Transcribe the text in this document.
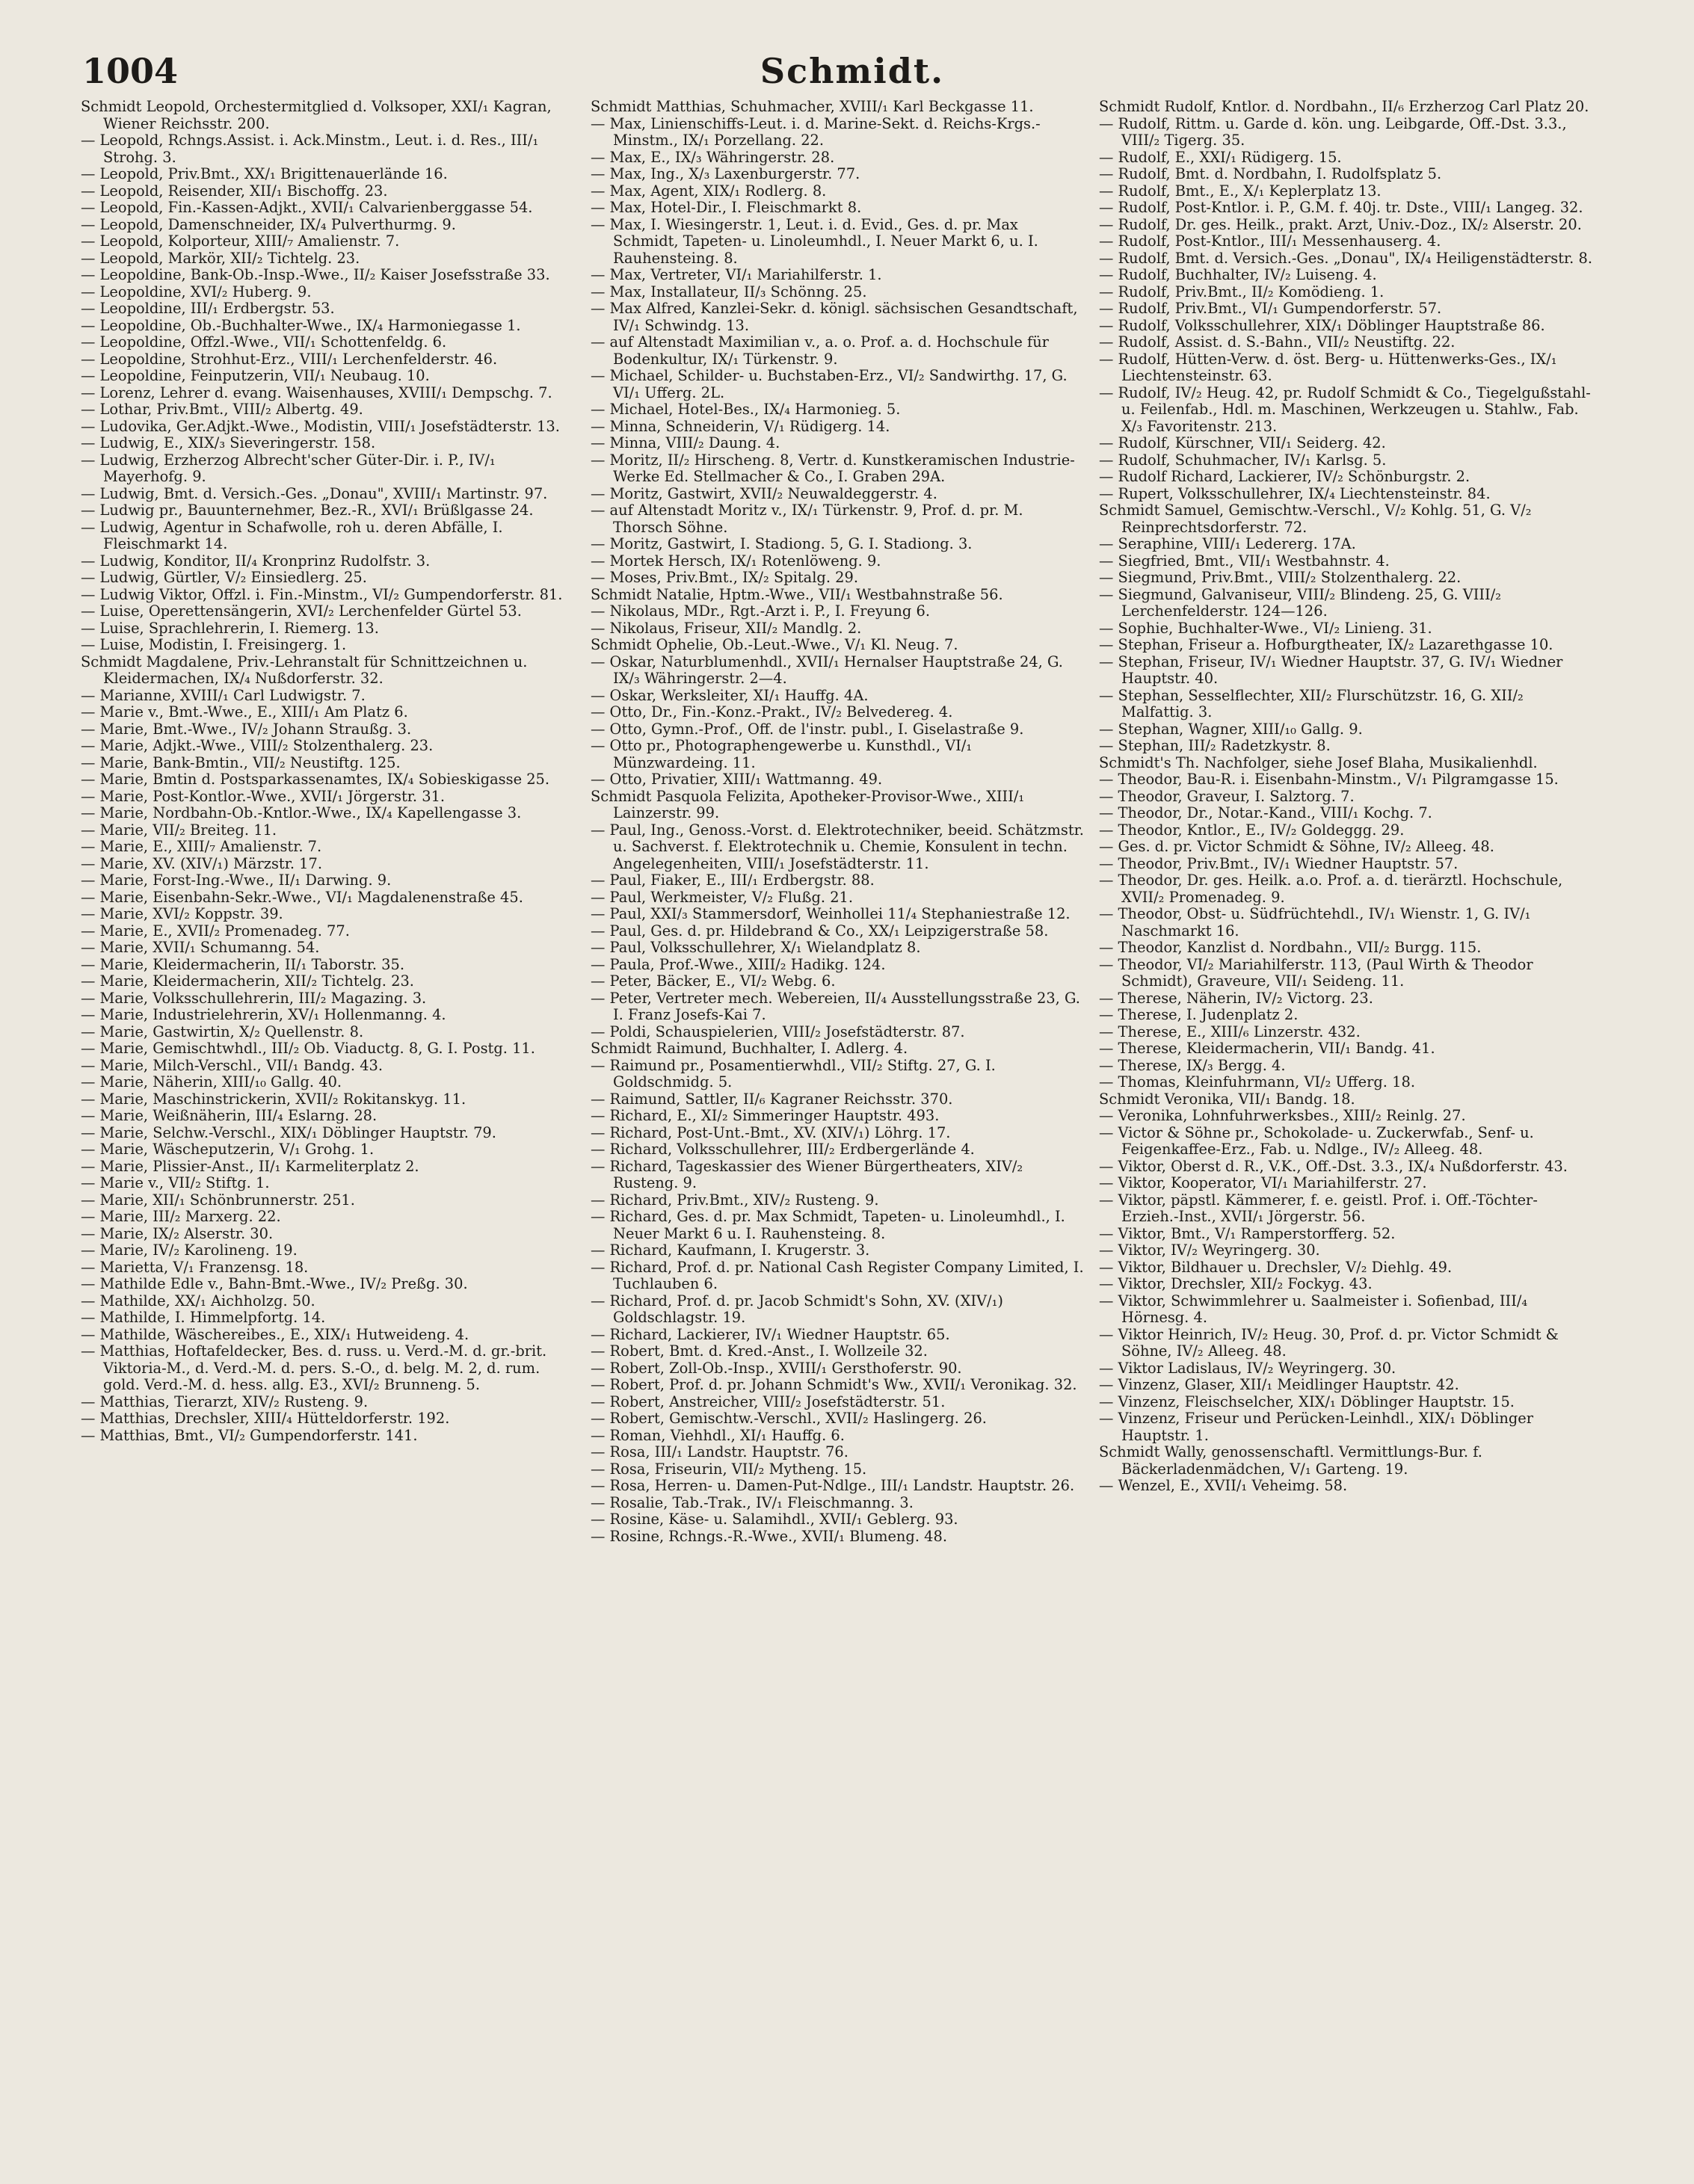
1004	Schmidt.
Schmidt Leopold, Orchestermitglied d. Volksoper, XXI/₁ Kagran, Wiener Reichsstr. 200.
— Leopold, Rchngs.Assist. i. Ack.Minstm., Leut. i. d. Res., III/₁ Strohg. 3.
— Leopold, Priv.Bmt., XX/₁ Brigittenauerlände 16.
— Leopold, Reisender, XII/₁ Bischoffg. 23.
— Leopold, Fin.-Kassen-Adjkt., XVII/₁ Calvarienberggasse 54.
— Leopold, Damenschneider, IX/₄ Pulverthurmg. 9.
— Leopold, Kolporteur, XIII/₇ Amalienstr. 7.
— Leopold, Markör, XII/₂ Tichtelg. 23.
— Leopoldine, Bank-Ob.-Insp.-Wwe., II/₂ Kaiser Josefsstraße 33.
— Leopoldine, XVI/₂ Huberg. 9.
— Leopoldine, III/₁ Erdbergstr. 53.
— Leopoldine, Ob.-Buchhalter-Wwe., IX/₄ Harmoniegasse 1.
— Leopoldine, Offzl.-Wwe., VII/₁ Schottenfeldg. 6.
— Leopoldine, Strohhut-Erz., VIII/₁ Lerchenfelderstr. 46.
— Leopoldine, Feinputzerin, VII/₁ Neubaug. 10.
— Lorenz, Lehrer d. evang. Waisenhauses, XVIII/₁ Dempschg. 7.
— Lothar, Priv.Bmt., VIII/₂ Albertg. 49.
— Ludovika, Ger.Adjkt.-Wwe., Modistin, VIII/₁ Josefstädterstr. 13.
— Ludwig, E., XIX/₃ Sieveringerstr. 158.
— Ludwig, Erzherzog Albrecht'scher Güter-Dir. i. P., IV/₁ Mayerhofg. 9.
— Ludwig, Bmt. d. Versich.-Ges. „Donau", XVIII/₁ Martinstr. 97.
— Ludwig pr., Bauunternehmer, Bez.-R., XVI/₁ Brüßlgasse 24.
— Ludwig, Agentur in Schafwolle, roh u. deren Abfälle, I. Fleischmarkt 14.
— Ludwig, Konditor, II/₄ Kronprinz Rudolfstr. 3.
— Ludwig, Gürtler, V/₂ Einsiedlerg. 25.
— Ludwig Viktor, Offzl. i. Fin.-Minstm., VI/₂ Gumpendorferstr. 81.
— Luise, Operettensängerin, XVI/₂ Lerchenfelder Gürtel 53.
— Luise, Sprachlehrerin, I. Riemerg. 13.
— Luise, Modistin, I. Freisingerg. 1.
Schmidt Magdalene, Priv.-Lehranstalt für Schnittzeichnen u. Kleidermachen, IX/₄ Nußdorferstr. 32.
— Marianne, XVIII/₁ Carl Ludwigstr. 7.
— Marie v., Bmt.-Wwe., E., XIII/₁ Am Platz 6.
— Marie, Bmt.-Wwe., IV/₂ Johann Straußg. 3.
— Marie, Adjkt.-Wwe., VIII/₂ Stolzenthalerg. 23.
— Marie, Bank-Bmtin., VII/₂ Neustiftg. 125.
— Marie, Bmtin d. Postsparkassenamtes, IX/₄ Sobieskigasse 25.
— Marie, Post-Kontlor.-Wwe., XVII/₁ Jörgerstr. 31.
— Marie, Nordbahn-Ob.-Kntlor.-Wwe., IX/₄ Kapellengasse 3.
— Marie, VII/₂ Breiteg. 11.
— Marie, E., XIII/₇ Amalienstr. 7.
— Marie, XV. (XIV/₁) Märzstr. 17.
— Marie, Forst-Ing.-Wwe., II/₁ Darwing. 9.
— Marie, Eisenbahn-Sekr.-Wwe., VI/₁ Magdalenenstraße 45.
— Marie, XVI/₂ Koppstr. 39.
— Marie, E., XVII/₂ Promenadeg. 77.
— Marie, XVII/₁ Schumanng. 54.
— Marie, Kleidermacherin, II/₁ Taborstr. 35.
— Marie, Kleidermacherin, XII/₂ Tichtelg. 23.
— Marie, Volksschullehrerin, III/₂ Magazing. 3.
— Marie, Industrielehrerin, XV/₁ Hollenmanng. 4.
— Marie, Gastwirtin, X/₂ Quellenstr. 8.
— Marie, Gemischtwhdl., III/₂ Ob. Viaductg. 8, G. I. Postg. 11.
— Marie, Milch-Verschl., VII/₁ Bandg. 43.
— Marie, Näherin, XIII/₁₀ Gallg. 40.
— Marie, Maschinstrickerin, XVII/₂ Rokitanskyg. 11.
— Marie, Weißnäherin, III/₄ Eslarng. 28.
— Marie, Selchw.-Verschl., XIX/₁ Döblinger Hauptstr. 79.
— Marie, Wäscheputzerin, V/₁ Grohg. 1.
— Marie, Plissier-Anst., II/₁ Karmeliterplatz 2.
— Marie v., VII/₂ Stiftg. 1.
— Marie, XII/₁ Schönbrunnerstr. 251.
— Marie, III/₂ Marxerg. 22.
— Marie, IX/₂ Alserstr. 30.
— Marie, IV/₂ Karolineng. 19.
— Marietta, V/₁ Franzensg. 18.
— Mathilde Edle v., Bahn-Bmt.-Wwe., IV/₂ Preßg. 30.
— Mathilde, XX/₁ Aichholzg. 50.
— Mathilde, I. Himmelpfortg. 14.
— Mathilde, Wäschereibes., E., XIX/₁ Hutweideng. 4.
— Matthias, Hoftafeldecker, Bes. d. russ. u. Verd.-M. d. gr.-brit. Viktoria-M., d. Verd.-M. d. pers. S.-O., d. belg. M. 2, d. rum. gold. Verd.-M. d. hess. allg. E3., XVI/₂ Brunneng. 5.
— Matthias, Tierarzt, XIV/₂ Rusteng. 9.
— Matthias, Drechsler, XIII/₄ Hütteldorferstr. 192.
— Matthias, Bmt., VI/₂ Gumpendorferstr. 141.
Schmidt Matthias, Schuhmacher, XVIII/₁ Karl Beckgasse 11.
— Max, Linienschiffs-Leut. i. d. Marine-Sekt. d. Reichs-Krgs.-Minstm., IX/₁ Porzellang. 22.
— Max, E., IX/₃ Währingerstr. 28.
— Max, Ing., X/₃ Laxenburgerstr. 77.
— Max, Agent, XIX/₁ Rodlerg. 8.
— Max, Hotel-Dir., I. Fleischmarkt 8.
— Max, I. Wiesingerstr. 1, Leut. i. d. Evid., Ges. d. pr. Max Schmidt, Tapeten- u. Linoleumhdl., I. Neuer Markt 6, u. I. Rauhensteing. 8.
— Max, Vertreter, VI/₁ Mariahilferstr. 1.
— Max, Installateur, II/₃ Schönng. 25.
— Max Alfred, Kanzlei-Sekr. d. königl. sächsischen Gesandtschaft, IV/₁ Schwindg. 13.
— auf Altenstadt Maximilian v., a. o. Prof. a. d. Hochschule für Bodenkultur, IX/₁ Türkenstr. 9.
— Michael, Schilder- u. Buchstaben-Erz., VI/₂ Sandwirthg. 17, G. VI/₁ Ufferg. 2L.
— Michael, Hotel-Bes., IX/₄ Harmonieg. 5.
— Minna, Schneiderin, V/₁ Rüdigerg. 14.
— Minna, VIII/₂ Daung. 4.
— Moritz, II/₂ Hirscheng. 8, Vertr. d. Kunstkeramischen Industrie-Werke Ed. Stellmacher & Co., I. Graben 29A.
— Moritz, Gastwirt, XVII/₂ Neuwaldeggerstr. 4.
— auf Altenstadt Moritz v., IX/₁ Türkenstr. 9, Prof. d. pr. M. Thorsch Söhne.
— Moritz, Gastwirt, I. Stadiong. 5, G. I. Stadiong. 3.
— Mortek Hersch, IX/₁ Rotenlöweng. 9.
— Moses, Priv.Bmt., IX/₂ Spitalg. 29.
Schmidt Natalie, Hptm.-Wwe., VII/₁ Westbahnstraße 56.
— Nikolaus, MDr., Rgt.-Arzt i. P., I. Freyung 6.
— Nikolaus, Friseur, XII/₂ Mandlg. 2.
Schmidt Ophelie, Ob.-Leut.-Wwe., V/₁ Kl. Neug. 7.
— Oskar, Naturblumenhdl., XVII/₁ Hernalser Hauptstraße 24, G. IX/₃ Währingerstr. 2—4.
— Oskar, Werksleiter, XI/₁ Hauffg. 4A.
— Otto, Dr., Fin.-Konz.-Prakt., IV/₂ Belvedereg. 4.
— Otto, Gymn.-Prof., Off. de l'instr. publ., I. Giselastraße 9.
— Otto pr., Photographengewerbe u. Kunsthdl., VI/₁ Münzwardeing. 11.
— Otto, Privatier, XIII/₁ Wattmanng. 49.
Schmidt Pasquola Felizita, Apotheker-Provisor-Wwe., XIII/₁ Lainzerstr. 99.
— Paul, Ing., Genoss.-Vorst. d. Elektrotechniker, beeid. Schätzmstr. u. Sachverst. f. Elektrotechnik u. Chemie, Konsulent in techn. Angelegenheiten, VIII/₁ Josefstädterstr. 11.
— Paul, Fiaker, E., III/₁ Erdbergstr. 88.
— Paul, Werkmeister, V/₂ Flußg. 21.
— Paul, XXI/₃ Stammersdorf, Weinhollei 11/₄ Stephaniestraße 12.
— Paul, Ges. d. pr. Hildebrand & Co., XX/₁ Leipzigerstraße 58.
— Paul, Volksschullehrer, X/₁ Wielandplatz 8.
— Paula, Prof.-Wwe., XIII/₂ Hadikg. 124.
— Peter, Bäcker, E., VI/₂ Webg. 6.
— Peter, Vertreter mech. Webereien, II/₄ Ausstellungsstraße 23, G. I. Franz Josefs-Kai 7.
— Poldi, Schauspielerien, VIII/₂ Josefstädterstr. 87.
Schmidt Raimund, Buchhalter, I. Adlerg. 4.
— Raimund pr., Posamentierwhdl., VII/₂ Stiftg. 27, G. I. Goldschmidg. 5.
— Raimund, Sattler, II/₆ Kagraner Reichsstr. 370.
— Richard, E., XI/₂ Simmeringer Hauptstr. 493.
— Richard, Post-Unt.-Bmt., XV. (XIV/₁) Löhrg. 17.
— Richard, Volksschullehrer, III/₂ Erdbergerlände 4.
— Richard, Tageskassier des Wiener Bürgertheaters, XIV/₂ Rusteng. 9.
— Richard, Priv.Bmt., XIV/₂ Rusteng. 9.
— Richard, Ges. d. pr. Max Schmidt, Tapeten- u. Linoleumhdl., I. Neuer Markt 6 u. I. Rauhensteing. 8.
— Richard, Kaufmann, I. Krugerstr. 3.
— Richard, Prof. d. pr. National Cash Register Company Limited, I. Tuchlauben 6.
— Richard, Prof. d. pr. Jacob Schmidt's Sohn, XV. (XIV/₁) Goldschlagstr. 19.
— Richard, Lackierer, IV/₁ Wiedner Hauptstr. 65.
— Robert, Bmt. d. Kred.-Anst., I. Wollzeile 32.
— Robert, Zoll-Ob.-Insp., XVIII/₁ Gersthoferstr. 90.
— Robert, Prof. d. pr. Johann Schmidt's Ww., XVII/₁ Veronikag. 32.
— Robert, Anstreicher, VIII/₂ Josefstädterstr. 51.
— Robert, Gemischtw.-Verschl., XVII/₂ Haslingerg. 26.
— Roman, Viehhdl., XI/₁ Hauffg. 6.
— Rosa, III/₁ Landstr. Hauptstr. 76.
— Rosa, Friseurin, VII/₂ Mytheng. 15.
— Rosa, Herren- u. Damen-Put-Ndlge., III/₁ Landstr. Hauptstr. 26.
— Rosalie, Tab.-Trak., IV/₁ Fleischmanng. 3.
— Rosine, Käse- u. Salamihdl., XVII/₁ Geblerg. 93.
— Rosine, Rchngs.-R.-Wwe., XVII/₁ Blumeng. 48.
Schmidt Rudolf, Kntlor. d. Nordbahn., II/₆ Erzherzog Carl Platz 20.
— Rudolf, Rittm. u. Garde d. kön. ung. Leibgarde, Off.-Dst. 3.3., VIII/₂ Tigerg. 35.
— Rudolf, E., XXI/₁ Rüdigerg. 15.
— Rudolf, Bmt. d. Nordbahn, I. Rudolfsplatz 5.
— Rudolf, Bmt., E., X/₁ Keplerplatz 13.
— Rudolf, Post-Kntlor. i. P., G.M. f. 40j. tr. Dste., VIII/₁ Langeg. 32.
— Rudolf, Dr. ges. Heilk., prakt. Arzt, Univ.-Doz., IX/₂ Alserstr. 20.
— Rudolf, Post-Kntlor., III/₁ Messenhauserg. 4.
— Rudolf, Bmt. d. Versich.-Ges. „Donau", IX/₄ Heiligenstädterstr. 8.
— Rudolf, Buchhalter, IV/₂ Luiseng. 4.
— Rudolf, Priv.Bmt., II/₂ Komödieng. 1.
— Rudolf, Priv.Bmt., VI/₁ Gumpendorferstr. 57.
— Rudolf, Volksschullehrer, XIX/₁ Döblinger Hauptstraße 86.
— Rudolf, Assist. d. S.-Bahn., VII/₂ Neustiftg. 22.
— Rudolf, Hütten-Verw. d. öst. Berg- u. Hüttenwerks-Ges., IX/₁ Liechtensteinstr. 63.
— Rudolf, IV/₂ Heug. 42, pr. Rudolf Schmidt & Co., Tiegelgußstahl- u. Feilenfab., Hdl. m. Maschinen, Werkzeugen u. Stahlw., Fab. X/₃ Favoritenstr. 213.
— Rudolf, Kürschner, VII/₁ Seiderg. 42.
— Rudolf, Schuhmacher, IV/₁ Karlsg. 5.
— Rudolf Richard, Lackierer, IV/₂ Schönburgstr. 2.
— Rupert, Volksschullehrer, IX/₄ Liechtensteinstr. 84.
Schmidt Samuel, Gemischtw.-Verschl., V/₂ Kohlg. 51, G. V/₂ Reinprechtsdorferstr. 72.
— Seraphine, VIII/₁ Ledererg. 17A.
— Siegfried, Bmt., VII/₁ Westbahnstr. 4.
— Siegmund, Priv.Bmt., VIII/₂ Stolzenthalerg. 22.
— Siegmund, Galvaniseur, VIII/₂ Blindeng. 25, G. VIII/₂ Lerchenfelderstr. 124—126.
— Sophie, Buchhalter-Wwe., VI/₂ Linieng. 31.
— Stephan, Friseur a. Hofburgtheater, IX/₂ Lazarethgasse 10.
— Stephan, Friseur, IV/₁ Wiedner Hauptstr. 37, G. IV/₁ Wiedner Hauptstr. 40.
— Stephan, Sesselflechter, XII/₂ Flurschützstr. 16, G. XII/₂ Malfattig. 3.
— Stephan, Wagner, XIII/₁₀ Gallg. 9.
— Stephan, III/₂ Radetzkystr. 8.
Schmidt's Th. Nachfolger, siehe Josef Blaha, Musikalienhdl.
— Theodor, Bau-R. i. Eisenbahn-Minstm., V/₁ Pilgramgasse 15.
— Theodor, Graveur, I. Salztorg. 7.
— Theodor, Dr., Notar.-Kand., VIII/₁ Kochg. 7.
— Theodor, Kntlor., E., IV/₂ Goldeggg. 29.
— Ges. d. pr. Victor Schmidt & Söhne, IV/₂ Alleeg. 48.
— Theodor, Priv.Bmt., IV/₁ Wiedner Hauptstr. 57.
— Theodor, Dr. ges. Heilk. a.o. Prof. a. d. tierärztl. Hochschule, XVII/₂ Promenadeg. 9.
— Theodor, Obst- u. Südfrüchtehdl., IV/₁ Wienstr. 1, G. IV/₁ Naschmarkt 16.
— Theodor, Kanzlist d. Nordbahn., VII/₂ Burgg. 115.
— Theodor, VI/₂ Mariahilferstr. 113, (Paul Wirth & Theodor Schmidt), Graveure, VII/₁ Seideng. 11.
— Therese, Näherin, IV/₂ Victorg. 23.
— Therese, I. Judenplatz 2.
— Therese, E., XIII/₆ Linzerstr. 432.
— Therese, Kleidermacherin, VII/₁ Bandg. 41.
— Therese, IX/₃ Bergg. 4.
— Thomas, Kleinfuhrmann, VI/₂ Ufferg. 18.
Schmidt Veronika, VII/₁ Bandg. 18.
— Veronika, Lohnfuhrwerksbes., XIII/₂ Reinlg. 27.
— Victor & Söhne pr., Schokolade- u. Zuckerwfab., Senf- u. Feigenkaffee-Erz., Fab. u. Ndlge., IV/₂ Alleeg. 48.
— Viktor, Oberst d. R., V.K., Off.-Dst. 3.3., IX/₄ Nußdorferstr. 43.
— Viktor, Kooperator, VI/₁ Mariahilferstr. 27.
— Viktor, päpstl. Kämmerer, f. e. geistl. Prof. i. Off.-Töchter-Erzieh.-Inst., XVII/₁ Jörgerstr. 56.
— Viktor, Bmt., V/₁ Ramperstorfferg. 52.
— Viktor, IV/₂ Weyringerg. 30.
— Viktor, Bildhauer u. Drechsler, V/₂ Diehlg. 49.
— Viktor, Drechsler, XII/₂ Fockyg. 43.
— Viktor, Schwimmlehrer u. Saalmeister i. Sofienbad, III/₄ Hörnesg. 4.
— Viktor Heinrich, IV/₂ Heug. 30, Prof. d. pr. Victor Schmidt & Söhne, IV/₂ Alleeg. 48.
— Viktor Ladislaus, IV/₂ Weyringerg. 30.
— Vinzenz, Glaser, XII/₁ Meidlinger Hauptstr. 42.
— Vinzenz, Fleischselcher, XIX/₁ Döblinger Hauptstr. 15.
— Vinzenz, Friseur und Perücken-Leinhdl., XIX/₁ Döblinger Hauptstr. 1.
Schmidt Wally, genossenschaftl. Vermittlungs-Bur. f. Bäckerladenmädchen, V/₁ Garteng. 19.
— Wenzel, E., XVII/₁ Veheimg. 58.
